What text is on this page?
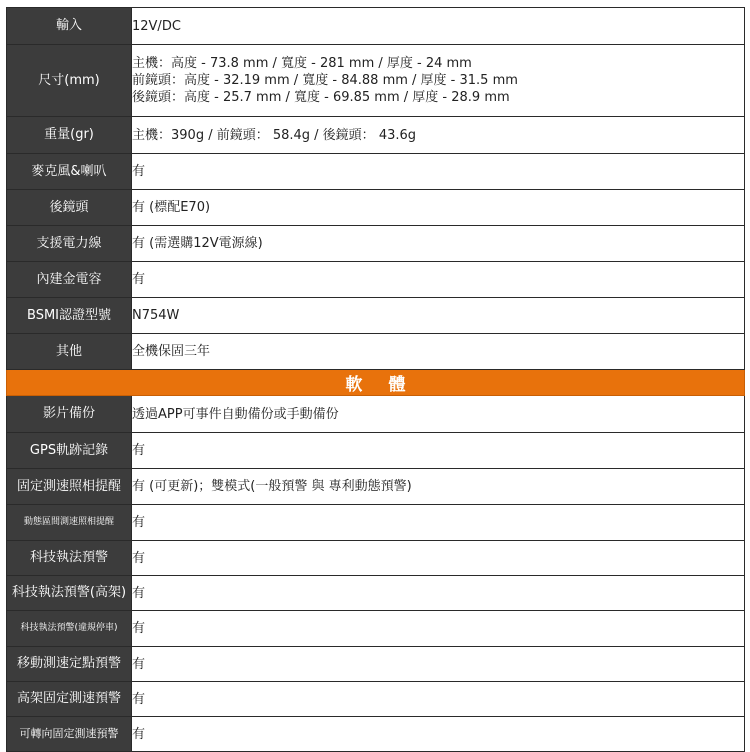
輸入	12V/DC

尺寸(mm)	主機：高度 - 73.8 mm / 寬度 - 281 mm / 厚度 - 24 mm
前鏡頭：高度 - 32.19 mm / 寬度 - 84.88 mm / 厚度 - 31.5 mm
後鏡頭：高度 - 25.7 mm / 寬度 - 69.85 mm / 厚度 - 28.9 mm

重量(gr)	主機：390g / 前鏡頭： 58.4g / 後鏡頭： 43.6g

麥克風&喇叭	有

後鏡頭	有 (標配E70)

支援電力線	有 (需選購12V電源線)

內建金電容	有

BSMI認證型號	N754W

其他	全機保固三年

軟體	
影片備份	透過APP可事件自動備份或手動備份
GPS軌跡記錄	有
固定測速照相提醒	有 (可更新)；雙模式(一般預警 與 專利動態預警)
動態區間測速照相提醒	有
科技執法預警	有
科技執法預警(高架)	有
科技執法預警(違規停車)	有
移動測速定點預警	有
高架固定測速預警	有
可轉向固定測速預警	有
